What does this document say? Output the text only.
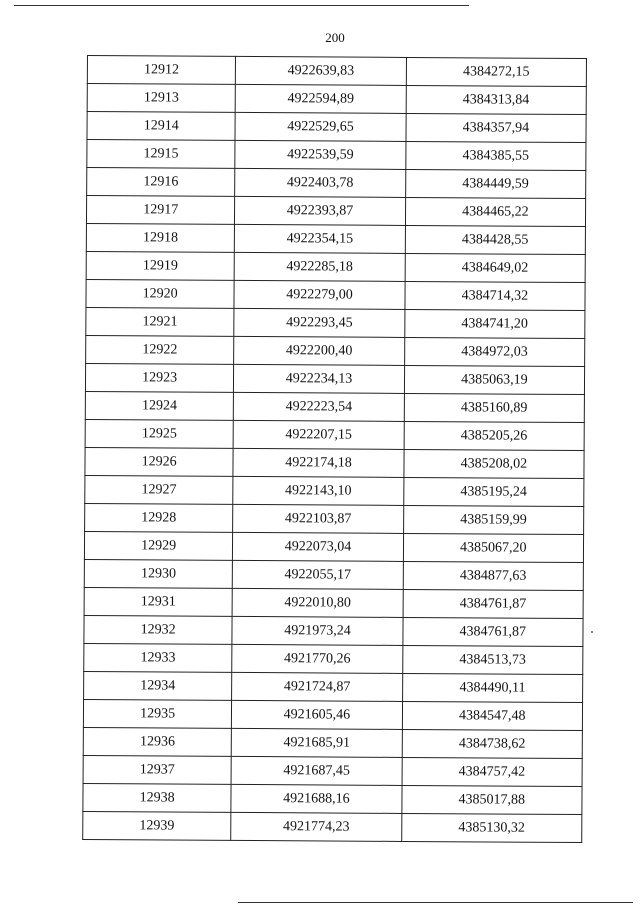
200
12912	4922639,83	4384272,15
12913	4922594,89	4384313,84
12914	4922529,65	4384357,94
12915	4922539,59	4384385,55
12916	4922403,78	4384449,59
12917	4922393,87	4384465,22
12918	4922354,15	4384428,55
12919	4922285,18	4384649,02
12920	4922279,00	4384714,32
12921	4922293,45	4384741,20
12922	4922200,40	4384972,03
12923	4922234,13	4385063,19
12924	4922223,54	4385160,89
12925	4922207,15	4385205,26
12926	4922174,18	4385208,02
12927	4922143,10	4385195,24
12928	4922103,87	4385159,99
12929	4922073,04	4385067,20
12930	4922055,17	4384877,63
12931	4922010,80	4384761,87
12932	4921973,24	4384761,87
12933	4921770,26	4384513,73
12934	4921724,87	4384490,11
12935	4921605,46	4384547,48
12936	4921685,91	4384738,62
12937	4921687,45	4384757,42
12938	4921688,16	4385017,88
12939	4921774,23	4385130,32
